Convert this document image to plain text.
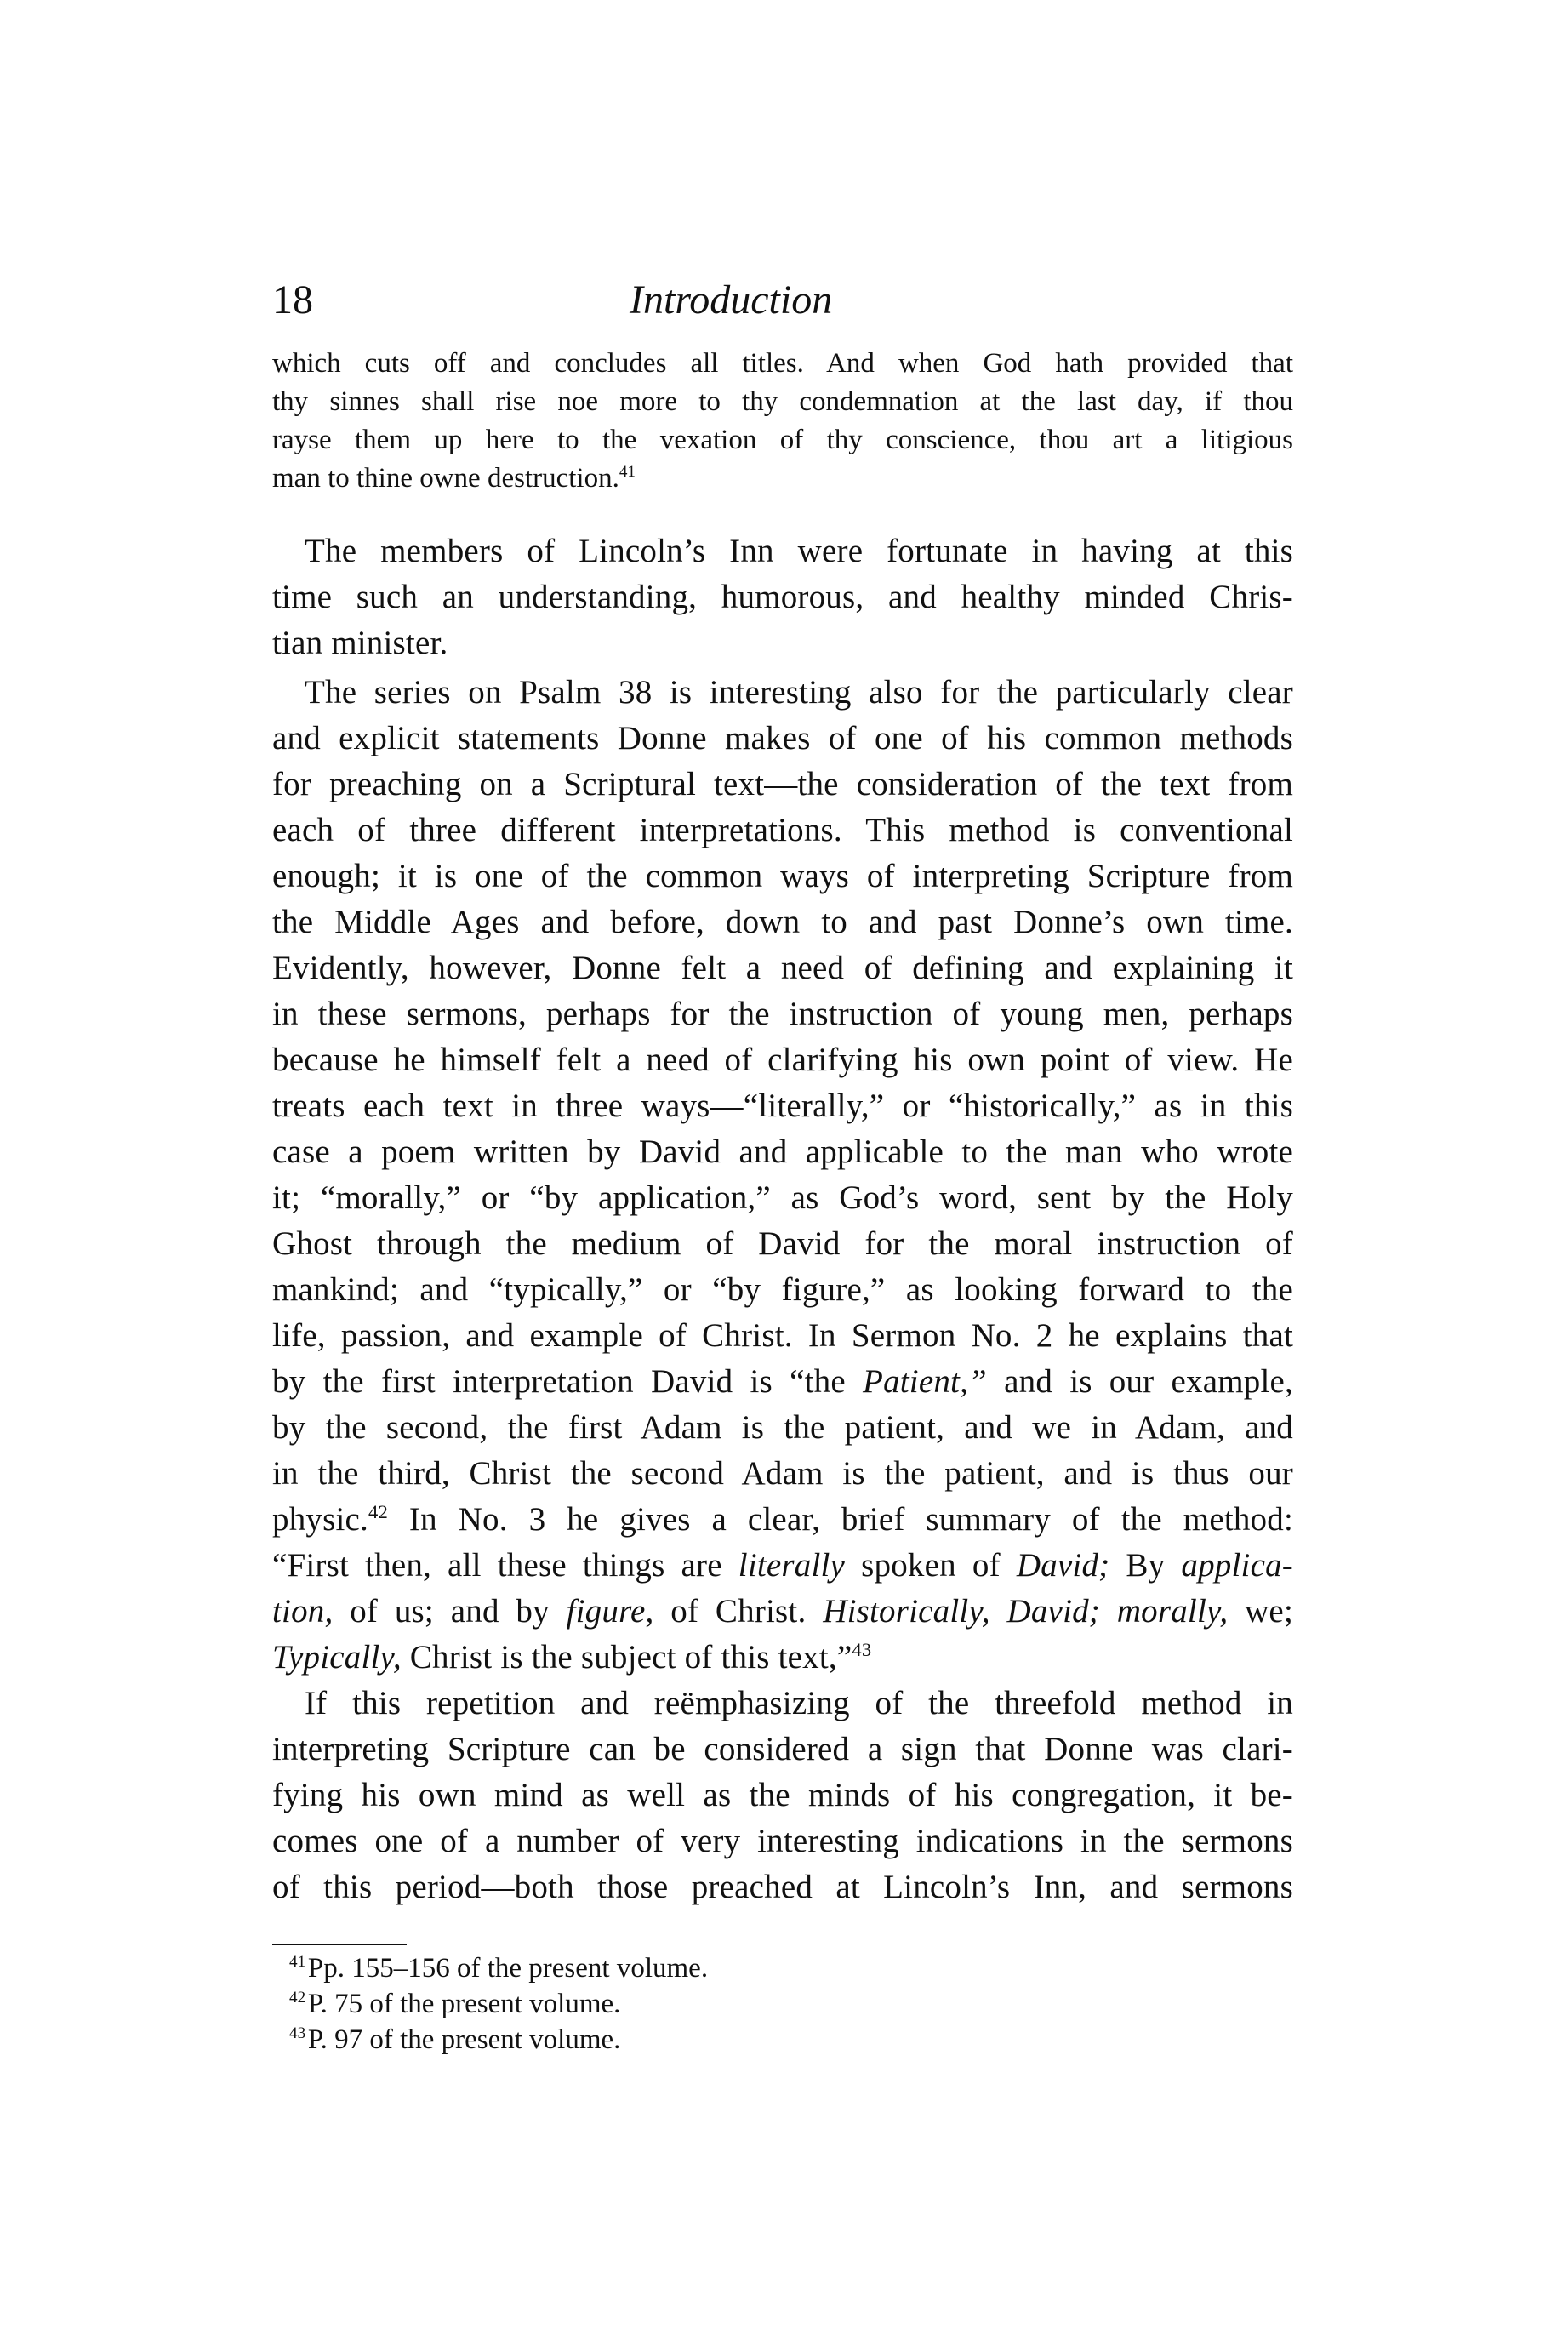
18	Introduction
which cuts off and concludes all titles. And when God hath provided that
thy sinnes shall rise noe more to thy condemnation at the last day, if thou
rayse them up here to the vexation of thy conscience, thou art a litigious
man to thine owne destruction.$^{41}$
The members of Lincoln’s Inn were fortunate in having at this
time such an understanding, humorous, and healthy minded Chris-
tian minister.
The series on Psalm 38 is interesting also for the particularly clear
and explicit statements Donne makes of one of his common methods
for preaching on a Scriptural text—the consideration of the text from
each of three different interpretations. This method is conventional
enough; it is one of the common ways of interpreting Scripture from
the Middle Ages and before, down to and past Donne’s own time.
Evidently, however, Donne felt a need of defining and explaining it
in these sermons, perhaps for the instruction of young men, perhaps
because he himself felt a need of clarifying his own point of view. He
treats each text in three ways—“literally,” or “historically,” as in this
case a poem written by David and applicable to the man who wrote
it; “morally,” or “by application,” as God’s word, sent by the Holy
Ghost through the medium of David for the moral instruction of
mankind; and “typically,” or “by figure,” as looking forward to the
life, passion, and example of Christ. In Sermon No. 2 he explains that
by the first interpretation David is “the Patient,” and is our example,
by the second, the first Adam is the patient, and we in Adam, and
in the third, Christ the second Adam is the patient, and is thus our
physic.$^{42}$ In No. 3 he gives a clear, brief summary of the method:
“First then, all these things are literally spoken of David; By applica-
tion, of us; and by figure, of Christ. Historically, David; morally, we;
Typically, Christ is the subject of this text,”$^{43}$
If this repetition and reëmphasizing of the threefold method in
interpreting Scripture can be considered a sign that Donne was clari-
fying his own mind as well as the minds of his congregation, it be-
comes one of a number of very interesting indications in the sermons
of this period—both those preached at Lincoln’s Inn, and sermons
$^{41}$ Pp. 155–156 of the present volume.
$^{42}$ P. 75 of the present volume.
$^{43}$ P. 97 of the present volume.
